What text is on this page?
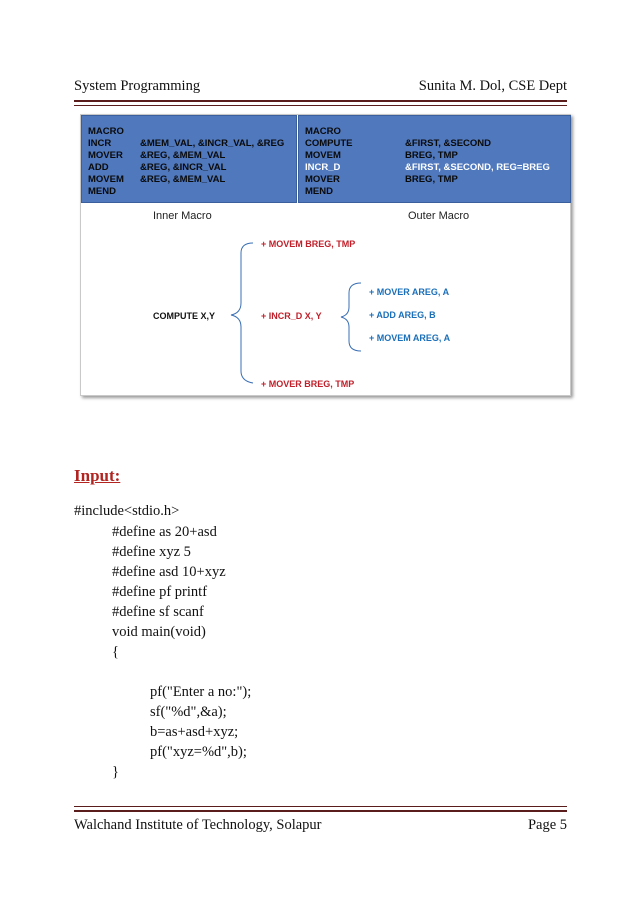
System Programming	Sunita M. Dol, CSE Dept
MACRO
INCR	&MEM_VAL, &INCR_VAL, &REG
MOVER &REG, &MEM_VAL
ADD	&REG, &INCR_VAL
MOVEM &REG, &MEM_VAL
MEND
MACRO
COMPUTE	&FIRST, &SECOND
MOVEM	BREG, TMP
INCR_D	&FIRST, &SECOND, REG=BREG
MOVER	BREG, TMP
MEND
Inner Macro	Outer Macro
COMPUTE X,Y
+ MOVEM BREG, TMP
+ INCR_D X, Y
+ MOVER BREG, TMP
+ MOVER AREG, A
+ ADD AREG, B
+ MOVEM AREG, A
Input:
#include<stdio.h>
#define as 20+asd
#define xyz 5
#define asd 10+xyz
#define pf printf
#define sf scanf
void main(void)
{
pf("Enter a no:");
sf("%d",&a);
b=as+asd+xyz;
pf("xyz=%d",b);
}
Walchand Institute of Technology, Solapur	Page 5
